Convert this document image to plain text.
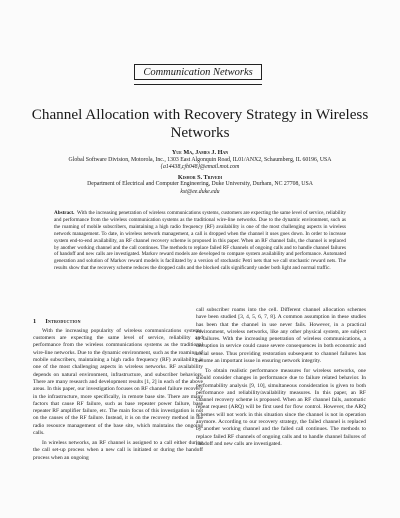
Communication Networks
Channel Allocation with Recovery Strategy in Wireless Networks
Yue Ma, James J. Han
Global Software Division, Motorola, Inc., 1303 East Algonquin Road, IL01/ANX2, Schaumberg, IL 60196, USA
{a14438,cjh048}@email.mot.com
Kishor S. Trivedi
Department of Electrical and Computer Engineering, Duke University, Durham, NC 27708, USA
kst@ee.duke.edu
Abstract. With the increasing penetration of wireless communications systems, customers are expecting the same level of service, reliability and performance from the wireless communication systems as the traditional wire-line networks. Due to the dynamic environment, such as the roaming of mobile subscribers, maintaining a high radio frequency (RF) availability is one of the most challenging aspects in wireless network management. To date, in wireless network management, a call is dropped when the channel it uses goes down. In order to increase system end-to-end availability, an RF channel recovery scheme is proposed in this paper. When an RF channel fails, the channel is replaced by another working channel and the call continues. The methods to replace failed RF channels of ongoing calls and to handle channel failures of handoff and new calls are investigated. Markov reward models are developed to compare system availability and performance. Automated generation and solution of Markov reward models is facilitated by a version of stochastic Petri nets that we call stochastic reward nets. The results show that the recovery scheme reduces the dropped calls and the blocked calls significantly under both light and normal traffic.

1 Introduction

With the increasing popularity of wireless communications systems, customers are expecting the same level of service, reliability and performance from the wireless communications systems as the traditional wire-line networks. Due to the dynamic environment, such as the roaming of mobile subscribers, maintaining a high radio frequency (RF) availability is one of the most challenging aspects in wireless networks. RF availability depends on natural environment, infrastructure, and subscriber behaviors. There are many research and development results [1, 2] in each of the above areas. In this paper, our investigation focuses on RF channel failure recovery in the infrastructure, more specifically, in remote base site. There are many factors that cause RF failure, such as base repeater power failure, base repeater RF amplifier failure, etc. The main focus of this investigation is not on the causes of the RF failure. Instead, it is on the recovery method in the radio resource management of the base site, which maintains the ongoing calls.

In wireless networks, an RF channel is assigned to a call either during the call set-up process when a new call is initiated or during the handoff process when an ongoing

call subscriber roams into the cell. Different channel allocation schemes have been studied [3, 4, 5, 6, 7, 8]. A common assumption in these studies has been that the channel in use never fails. However, in a practical environment, wireless networks, like any other physical system, are subject to failures. With the increasing penetration of wireless communications, a disruption in service could cause severe consequences in both economic and social sense. Thus providing restoration subsequent to channel failures has become an important issue in ensuring network integrity.

To obtain realistic performance measures for wireless networks, one should consider changes in performance due to failure related behavior. In performability analysis [9, 10], simultaneous consideration is given to both performance and reliability/availability measures. In this paper, an RF channel recovery scheme is proposed. When an RF channel fails, automatic repeat request (ARQ) will be first used for flow control. However, the ARQ schemes will not work in this situation since the channel is not in operation anymore. According to our recovery strategy, the failed channel is replaced by another working channel and the failed call continues. The methods to replace failed RF channels of ongoing calls and to handle channel failures of handoff and new calls are investigated.
